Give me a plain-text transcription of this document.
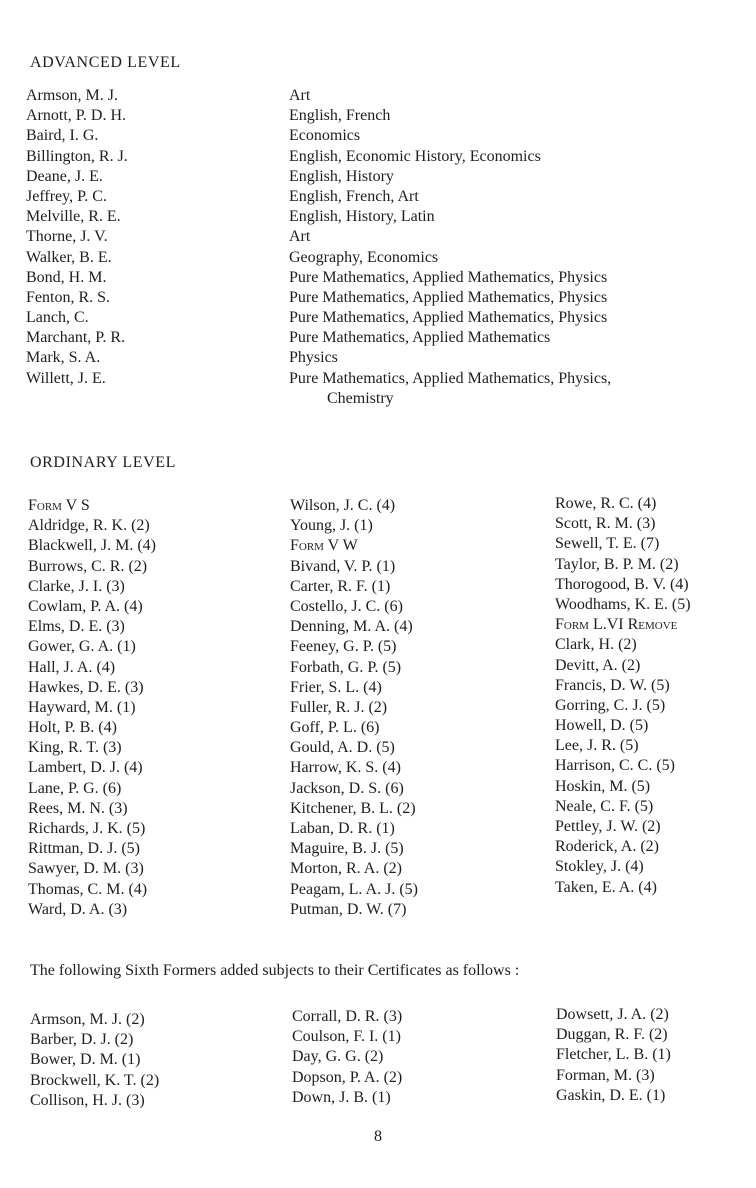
ADVANCED LEVEL
Armson, M. J.
Arnott, P. D. H.
Baird, I. G.
Billington, R. J.
Deane, J. E.
Jeffrey, P. C.
Melville, R. E.
Thorne, J. V.
Walker, B. E.
Bond, H. M.
Fenton, R. S.
Lanch, C.
Marchant, P. R.
Mark, S. A.
Willett, J. E.
Art
English, French
Economics
English, Economic History, Economics
English, History
English, French, Art
English, History, Latin
Art
Geography, Economics
Pure Mathematics, Applied Mathematics, Physics
Pure Mathematics, Applied Mathematics, Physics
Pure Mathematics, Applied Mathematics, Physics
Pure Mathematics, Applied Mathematics
Physics
Pure Mathematics, Applied Mathematics, Physics,
Chemistry
ORDINARY LEVEL
Form V S
Aldridge, R. K. (2)
Blackwell, J. M. (4)
Burrows, C. R. (2)
Clarke, J. I. (3)
Cowlam, P. A. (4)
Elms, D. E. (3)
Gower, G. A. (1)
Hall, J. A. (4)
Hawkes, D. E. (3)
Hayward, M. (1)
Holt, P. B. (4)
King, R. T. (3)
Lambert, D. J. (4)
Lane, P. G. (6)
Rees, M. N. (3)
Richards, J. K. (5)
Rittman, D. J. (5)
Sawyer, D. M. (3)
Thomas, C. M. (4)
Ward, D. A. (3)
Wilson, J. C. (4)
Young, J. (1)
Form V W
Bivand, V. P. (1)
Carter, R. F. (1)
Costello, J. C. (6)
Denning, M. A. (4)
Feeney, G. P. (5)
Forbath, G. P. (5)
Frier, S. L. (4)
Fuller, R. J. (2)
Goff, P. L. (6)
Gould, A. D. (5)
Harrow, K. S. (4)
Jackson, D. S. (6)
Kitchener, B. L. (2)
Laban, D. R. (1)
Maguire, B. J. (5)
Morton, R. A. (2)
Peagam, L. A. J. (5)
Putman, D. W. (7)
Rowe, R. C. (4)
Scott, R. M. (3)
Sewell, T. E. (7)
Taylor, B. P. M. (2)
Thorogood, B. V. (4)
Woodhams, K. E. (5)
Form L.VI Remove
Clark, H. (2)
Devitt, A. (2)
Francis, D. W. (5)
Gorring, C. J. (5)
Howell, D. (5)
Lee, J. R. (5)
Harrison, C. C. (5)
Hoskin, M. (5)
Neale, C. F. (5)
Pettley, J. W. (2)
Roderick, A. (2)
Stokley, J. (4)
Taken, E. A. (4)
The following Sixth Formers added subjects to their Certificates as follows :
Armson, M. J. (2)
Barber, D. J. (2)
Bower, D. M. (1)
Brockwell, K. T. (2)
Collison, H. J. (3)
Corrall, D. R. (3)
Coulson, F. I. (1)
Day, G. G. (2)
Dopson, P. A. (2)
Down, J. B. (1)
Dowsett, J. A. (2)
Duggan, R. F. (2)
Fletcher, L. B. (1)
Forman, M. (3)
Gaskin, D. E. (1)
8
